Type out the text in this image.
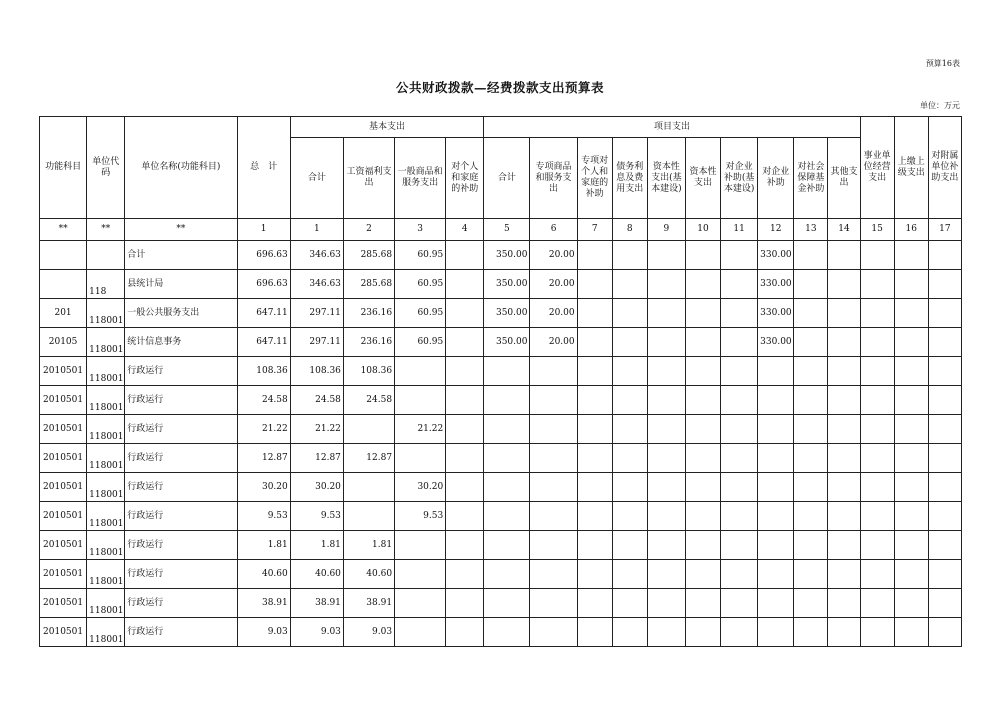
预算16表
公共财政拨款—经费拨款支出预算表
单位：万元
功能科目	单位代码	单位名称(功能科目)	总　计	基本支出				项目支出										事业单位经营支出	上缴上级支出	对附属单位补助支出
				合计	工资福利支出	一般商品和服务支出	对个人和家庭的补助	合计	专项商品和服务支出	专项对个人和家庭的补助	债务利息及费用支出	资本性支出(基本建设)	资本性支出	对企业补助(基本建设)	对企业补助	对社会保障基金补助	其他支出			
**	**	**	1	1	2	3	4	5	6	7	8	9	10	11	12	13	14	15	16	17
		合计	696.63	346.63	285.68	60.95		350.00	20.00						330.00					
	118	县统计局	696.63	346.63	285.68	60.95		350.00	20.00						330.00					
201	118001	一般公共服务支出	647.11	297.11	236.16	60.95		350.00	20.00						330.00					
20105	118001	统计信息事务	647.11	297.11	236.16	60.95		350.00	20.00						330.00					
2010501	118001	行政运行	108.36	108.36	108.36															
2010501	118001	行政运行	24.58	24.58	24.58															
2010501	118001	行政运行	21.22	21.22		21.22														
2010501	118001	行政运行	12.87	12.87	12.87															
2010501	118001	行政运行	30.20	30.20		30.20														
2010501	118001	行政运行	9.53	9.53		9.53														
2010501	118001	行政运行	1.81	1.81	1.81															
2010501	118001	行政运行	40.60	40.60	40.60															
2010501	118001	行政运行	38.91	38.91	38.91															
2010501	118001	行政运行	9.03	9.03	9.03															
